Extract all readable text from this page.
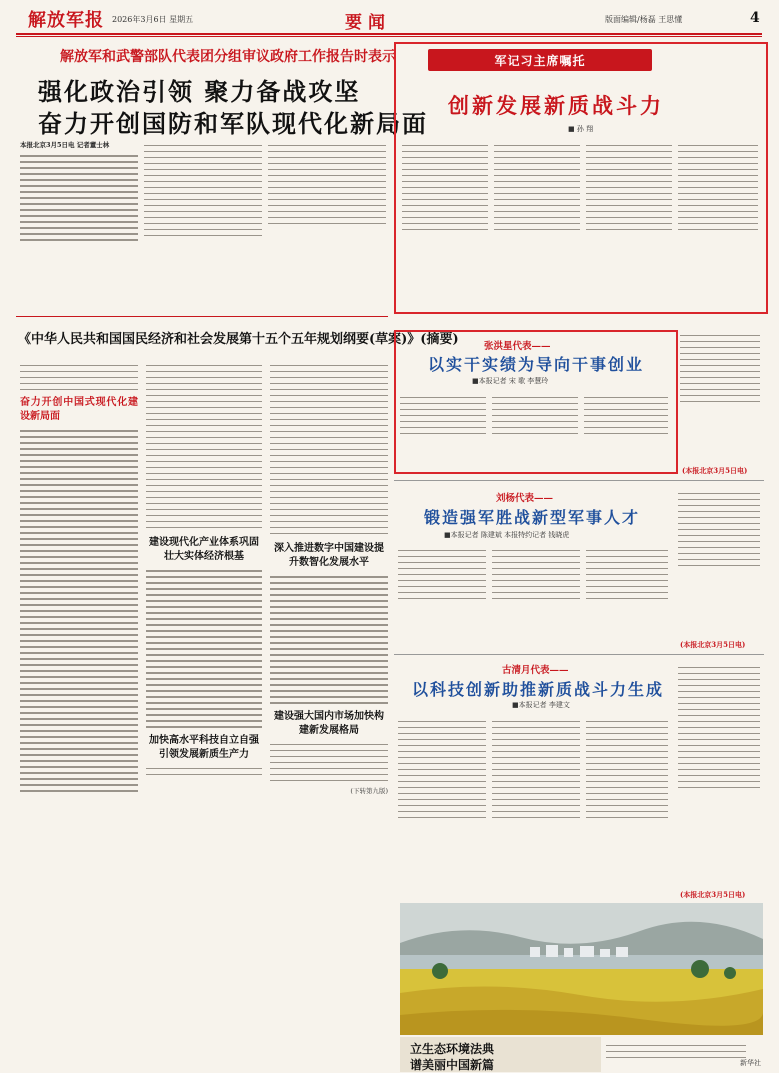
解放军报 2026年3月6日 星期五	要闻	版面编辑/杨磊 王思懂	4
解放军和武警部队代表团分组审议政府工作报告时表示
强化政治引领 聚力备战攻坚
奋力开创国防和军队现代化新局面
本报北京3月5日电 记者董士林
军记习主席嘱托
创新发展新质战斗力
■ 孙 翔
《中华人民共和国国民经济和社会发展第十五个五年规划纲要(草案)》(摘要)
奋力开创中国式现代化建设新局面
建设现代化产业体系巩固壮大实体经济根基
加快高水平科技自立自强 引领发展新质生产力
深入推进数字中国建设提升数智化发展水平
建设强大国内市场加快构建新发展格局
(下转第九版)
张洪星代表——
以实干实绩为导向干事创业
■本报记者 宋 歌 李慧玲
(本报北京3月5日电)
刘杨代表——
锻造强军胜战新型军事人才
■本报记者 陈建斌 本报特约记者 钱晓虎
(本报北京3月5日电)
古清月代表——
以科技创新助推新质战斗力生成
■本报记者 李建文
(本报北京3月5日电)
立生态环境法典
谱美丽中国新篇	新华社
